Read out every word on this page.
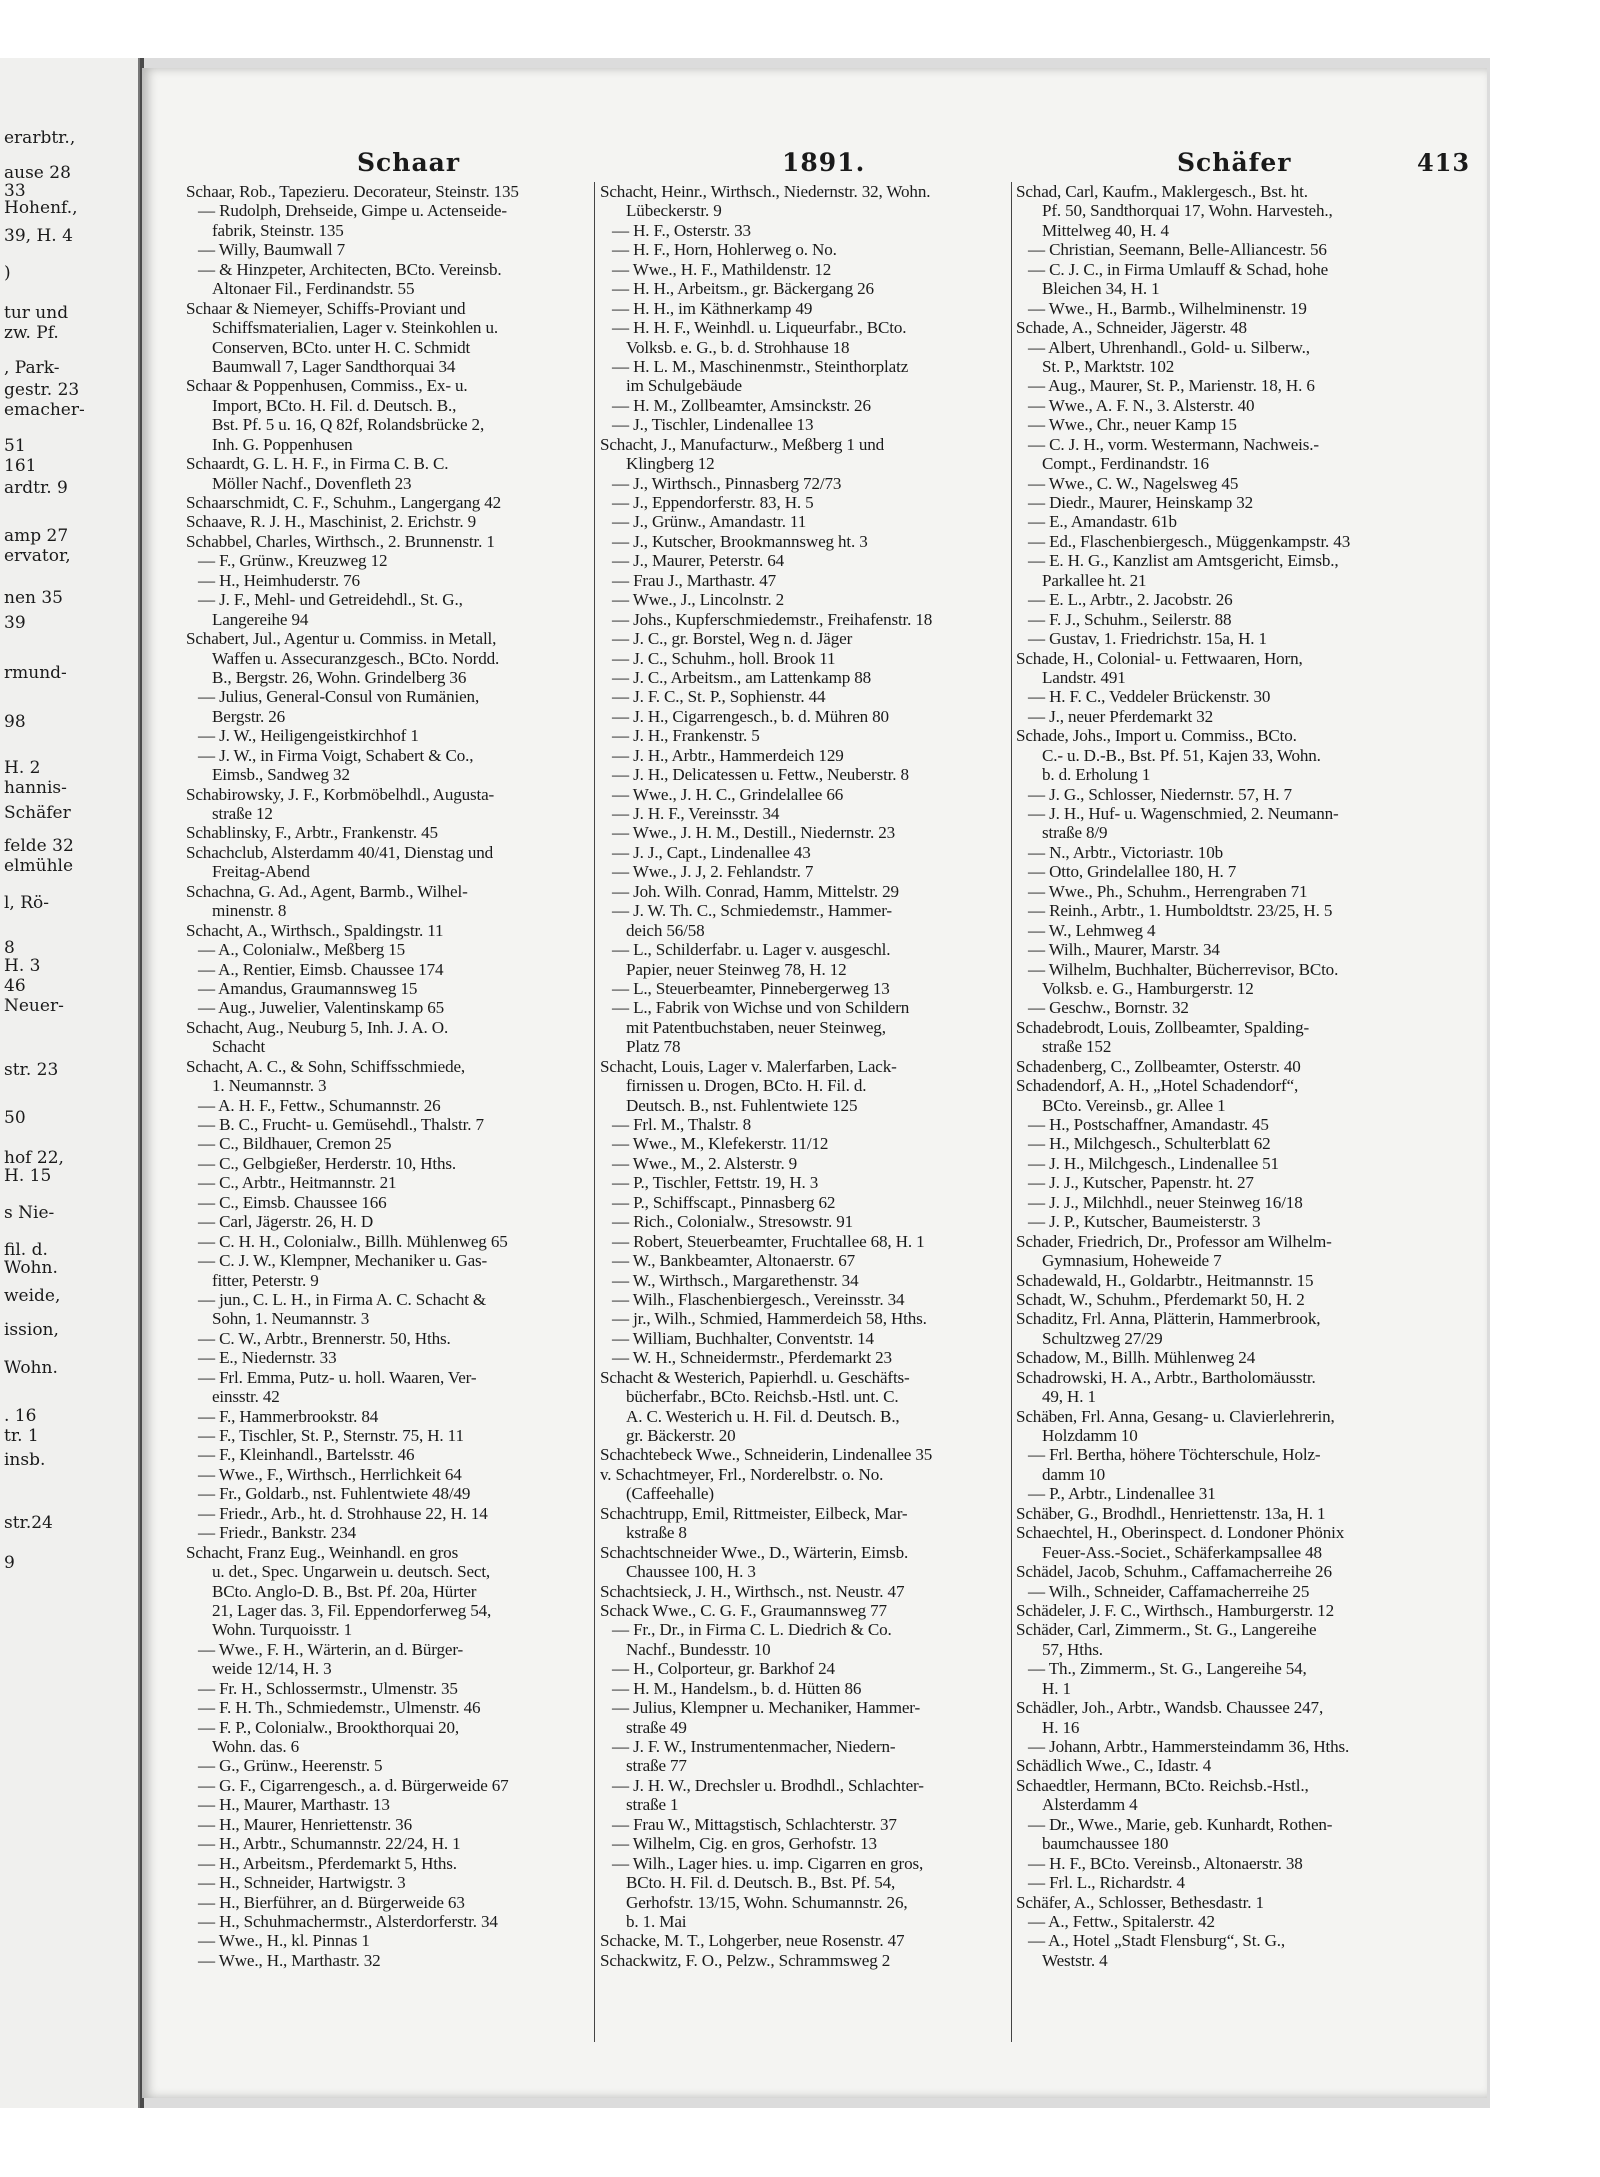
erarbtr.,
ause 28
33
Hohenf.,
39, H. 4
)
tur und
zw. Pf.
, Park-
gestr. 23
emacher-
51
161
ardtr. 9
amp 27
ervator,
nen 35
39
rmund-
98
H. 2
hannis-
Schäfer
felde 32
elmühle
l, Rö-
8
H. 3
46
Neuer-
str. 23
50
hof 22,
H. 15
s Nie-
fil. d.
Wohn.
weide,
ission,
Wohn.
. 16
tr. 1
insb.
str.24
9
Schaar	1891.	Schäfer	413
Schaar, Rob., Tapezieru. Decorateur, Steinstr. 135
— Rudolph, Drehseide, Gimpe u. Actenseide-
fabrik, Steinstr. 135
— Willy, Baumwall 7
— & Hinzpeter, Architecten, BCto. Vereinsb.
Altonaer Fil., Ferdinandstr. 55
Schaar & Niemeyer, Schiffs-Proviant und
Schiffsmaterialien, Lager v. Steinkohlen u.
Conserven, BCto. unter H. C. Schmidt
Baumwall 7, Lager Sandthorquai 34
Schaar & Poppenhusen, Commiss., Ex- u.
Import, BCto. H. Fil. d. Deutsch. B.,
Bst. Pf. 5 u. 16, Q 82f, Rolandsbrücke 2,
Inh. G. Poppenhusen
Schaardt, G. L. H. F., in Firma C. B. C.
Möller Nachf., Dovenfleth 23
Schaarschmidt, C. F., Schuhm., Langergang 42
Schaave, R. J. H., Maschinist, 2. Erichstr. 9
Schabbel, Charles, Wirthsch., 2. Brunnenstr. 1
— F., Grünw., Kreuzweg 12
— H., Heimhuderstr. 76
— J. F., Mehl- und Getreidehdl., St. G.,
Langereihe 94
Schabert, Jul., Agentur u. Commiss. in Metall,
Waffen u. Assecuranzgesch., BCto. Nordd.
B., Bergstr. 26, Wohn. Grindelberg 36
— Julius, General-Consul von Rumänien,
Bergstr. 26
— J. W., Heiligengeistkirchhof 1
— J. W., in Firma Voigt, Schabert & Co.,
Eimsb., Sandweg 32
Schabirowsky, J. F., Korbmöbelhdl., Augusta-
straße 12
Schablinsky, F., Arbtr., Frankenstr. 45
Schachclub, Alsterdamm 40/41, Dienstag und
Freitag-Abend
Schachna, G. Ad., Agent, Barmb., Wilhel-
minenstr. 8
Schacht, A., Wirthsch., Spaldingstr. 11
— A., Colonialw., Meßberg 15
— A., Rentier, Eimsb. Chaussee 174
— Amandus, Graumannsweg 15
— Aug., Juwelier, Valentinskamp 65
Schacht, Aug., Neuburg 5, Inh. J. A. O.
Schacht
Schacht, A. C., & Sohn, Schiffsschmiede,
1. Neumannstr. 3
— A. H. F., Fettw., Schumannstr. 26
— B. C., Frucht- u. Gemüsehdl., Thalstr. 7
— C., Bildhauer, Cremon 25
— C., Gelbgießer, Herderstr. 10, Hths.
— C., Arbtr., Heitmannstr. 21
— C., Eimsb. Chaussee 166
— Carl, Jägerstr. 26, H. D
— C. H. H., Colonialw., Billh. Mühlenweg 65
— C. J. W., Klempner, Mechaniker u. Gas-
fitter, Peterstr. 9
— jun., C. L. H., in Firma A. C. Schacht &
Sohn, 1. Neumannstr. 3
— C. W., Arbtr., Brennerstr. 50, Hths.
— E., Niedernstr. 33
— Frl. Emma, Putz- u. holl. Waaren, Ver-
einsstr. 42
— F., Hammerbrookstr. 84
— F., Tischler, St. P., Sternstr. 75, H. 11
— F., Kleinhandl., Bartelsstr. 46
— Wwe., F., Wirthsch., Herrlichkeit 64
— Fr., Goldarb., nst. Fuhlentwiete 48/49
— Friedr., Arb., ht. d. Strohhause 22, H. 14
— Friedr., Bankstr. 234
Schacht, Franz Eug., Weinhandl. en gros
u. det., Spec. Ungarwein u. deutsch. Sect,
BCto. Anglo-D. B., Bst. Pf. 20a, Hürter
21, Lager das. 3, Fil. Eppendorferweg 54,
Wohn. Turquoisstr. 1
— Wwe., F. H., Wärterin, an d. Bürger-
weide 12/14, H. 3
— Fr. H., Schlossermstr., Ulmenstr. 35
— F. H. Th., Schmiedemstr., Ulmenstr. 46
— F. P., Colonialw., Brookthorquai 20,
Wohn. das. 6
— G., Grünw., Heerenstr. 5
— G. F., Cigarrengesch., a. d. Bürgerweide 67
— H., Maurer, Marthastr. 13
— H., Maurer, Henriettenstr. 36
— H., Arbtr., Schumannstr. 22/24, H. 1
— H., Arbeitsm., Pferdemarkt 5, Hths.
— H., Schneider, Hartwigstr. 3
— H., Bierführer, an d. Bürgerweide 63
— H., Schuhmachermstr., Alsterdorferstr. 34
— Wwe., H., kl. Pinnas 1
— Wwe., H., Marthastr. 32
Schacht, Heinr., Wirthsch., Niedernstr. 32, Wohn.
Lübeckerstr. 9
— H. F., Osterstr. 33
— H. F., Horn, Hohlerweg o. No.
— Wwe., H. F., Mathildenstr. 12
— H. H., Arbeitsm., gr. Bäckergang 26
— H. H., im Käthnerkamp 49
— H. H. F., Weinhdl. u. Liqueurfabr., BCto.
Volksb. e. G., b. d. Strohhause 18
— H. L. M., Maschinenmstr., Steinthorplatz
im Schulgebäude
— H. M., Zollbeamter, Amsinckstr. 26
— J., Tischler, Lindenallee 13
Schacht, J., Manufacturw., Meßberg 1 und
Klingberg 12
— J., Wirthsch., Pinnasberg 72/73
— J., Eppendorferstr. 83, H. 5
— J., Grünw., Amandastr. 11
— J., Kutscher, Brookmannsweg ht. 3
— J., Maurer, Peterstr. 64
— Frau J., Marthastr. 47
— Wwe., J., Lincolnstr. 2
— Johs., Kupferschmiedemstr., Freihafenstr. 18
— J. C., gr. Borstel, Weg n. d. Jäger
— J. C., Schuhm., holl. Brook 11
— J. C., Arbeitsm., am Lattenkamp 88
— J. F. C., St. P., Sophienstr. 44
— J. H., Cigarrengesch., b. d. Mühren 80
— J. H., Frankenstr. 5
— J. H., Arbtr., Hammerdeich 129
— J. H., Delicatessen u. Fettw., Neuberstr. 8
— Wwe., J. H. C., Grindelallee 66
— J. H. F., Vereinsstr. 34
— Wwe., J. H. M., Destill., Niedernstr. 23
— J. J., Capt., Lindenallee 43
— Wwe., J. J, 2. Fehlandstr. 7
— Joh. Wilh. Conrad, Hamm, Mittelstr. 29
— J. W. Th. C., Schmiedemstr., Hammer-
deich 56/58
— L., Schilderfabr. u. Lager v. ausgeschl.
Papier, neuer Steinweg 78, H. 12
— L., Steuerbeamter, Pinnebergerweg 13
— L., Fabrik von Wichse und von Schildern
mit Patentbuchstaben, neuer Steinweg,
Platz 78
Schacht, Louis, Lager v. Malerfarben, Lack-
firnissen u. Drogen, BCto. H. Fil. d.
Deutsch. B., nst. Fuhlentwiete 125
— Frl. M., Thalstr. 8
— Wwe., M., Klefekerstr. 11/12
— Wwe., M., 2. Alsterstr. 9
— P., Tischler, Fettstr. 19, H. 3
— P., Schiffscapt., Pinnasberg 62
— Rich., Colonialw., Stresowstr. 91
— Robert, Steuerbeamter, Fruchtallee 68, H. 1
— W., Bankbeamter, Altonaerstr. 67
— W., Wirthsch., Margarethenstr. 34
— Wilh., Flaschenbiergesch., Vereinsstr. 34
— jr., Wilh., Schmied, Hammerdeich 58, Hths.
— William, Buchhalter, Conventstr. 14
— W. H., Schneidermstr., Pferdemarkt 23
Schacht & Westerich, Papierhdl. u. Geschäfts-
bücherfabr., BCto. Reichsb.-Hstl. unt. C.
A. C. Westerich u. H. Fil. d. Deutsch. B.,
gr. Bäckerstr. 20
Schachtebeck Wwe., Schneiderin, Lindenallee 35
v. Schachtmeyer, Frl., Norderelbstr. o. No.
(Caffeehalle)
Schachtrupp, Emil, Rittmeister, Eilbeck, Mar-
kstraße 8
Schachtschneider Wwe., D., Wärterin, Eimsb.
Chaussee 100, H. 3
Schachtsieck, J. H., Wirthsch., nst. Neustr. 47
Schack Wwe., C. G. F., Graumannsweg 77
— Fr., Dr., in Firma C. L. Diedrich & Co.
Nachf., Bundesstr. 10
— H., Colporteur, gr. Barkhof 24
— H. M., Handelsm., b. d. Hütten 86
— Julius, Klempner u. Mechaniker, Hammer-
straße 49
— J. F. W., Instrumentenmacher, Niedern-
straße 77
— J. H. W., Drechsler u. Brodhdl., Schlachter-
straße 1
— Frau W., Mittagstisch, Schlachterstr. 37
— Wilhelm, Cig. en gros, Gerhofstr. 13
— Wilh., Lager hies. u. imp. Cigarren en gros,
BCto. H. Fil. d. Deutsch. B., Bst. Pf. 54,
Gerhofstr. 13/15, Wohn. Schumannstr. 26,
b. 1. Mai
Schacke, M. T., Lohgerber, neue Rosenstr. 47
Schackwitz, F. O., Pelzw., Schrammsweg 2
Schad, Carl, Kaufm., Maklergesch., Bst. ht.
Pf. 50, Sandthorquai 17, Wohn. Harvesteh.,
Mittelweg 40, H. 4
— Christian, Seemann, Belle-Alliancestr. 56
— C. J. C., in Firma Umlauff & Schad, hohe
Bleichen 34, H. 1
— Wwe., H., Barmb., Wilhelminenstr. 19
Schade, A., Schneider, Jägerstr. 48
— Albert, Uhrenhandl., Gold- u. Silberw.,
St. P., Marktstr. 102
— Aug., Maurer, St. P., Marienstr. 18, H. 6
— Wwe., A. F. N., 3. Alsterstr. 40
— Wwe., Chr., neuer Kamp 15
— C. J. H., vorm. Westermann, Nachweis.-
Compt., Ferdinandstr. 16
— Wwe., C. W., Nagelsweg 45
— Diedr., Maurer, Heinskamp 32
— E., Amandastr. 61b
— Ed., Flaschenbiergesch., Müggenkampstr. 43
— E. H. G., Kanzlist am Amtsgericht, Eimsb.,
Parkallee ht. 21
— E. L., Arbtr., 2. Jacobstr. 26
— F. J., Schuhm., Seilerstr. 88
— Gustav, 1. Friedrichstr. 15a, H. 1
Schade, H., Colonial- u. Fettwaaren, Horn,
Landstr. 491
— H. F. C., Veddeler Brückenstr. 30
— J., neuer Pferdemarkt 32
Schade, Johs., Import u. Commiss., BCto.
C.- u. D.-B., Bst. Pf. 51, Kajen 33, Wohn.
b. d. Erholung 1
— J. G., Schlosser, Niedernstr. 57, H. 7
— J. H., Huf- u. Wagenschmied, 2. Neumann-
straße 8/9
— N., Arbtr., Victoriastr. 10b
— Otto, Grindelallee 180, H. 7
— Wwe., Ph., Schuhm., Herrengraben 71
— Reinh., Arbtr., 1. Humboldtstr. 23/25, H. 5
— W., Lehmweg 4
— Wilh., Maurer, Marstr. 34
— Wilhelm, Buchhalter, Bücherrevisor, BCto.
Volksb. e. G., Hamburgerstr. 12
— Geschw., Bornstr. 32
Schadebrodt, Louis, Zollbeamter, Spalding-
straße 152
Schadenberg, C., Zollbeamter, Osterstr. 40
Schadendorf, A. H., „Hotel Schadendorf“,
BCto. Vereinsb., gr. Allee 1
— H., Postschaffner, Amandastr. 45
— H., Milchgesch., Schulterblatt 62
— J. H., Milchgesch., Lindenallee 51
— J. J., Kutscher, Papenstr. ht. 27
— J. J., Milchhdl., neuer Steinweg 16/18
— J. P., Kutscher, Baumeisterstr. 3
Schader, Friedrich, Dr., Professor am Wilhelm-
Gymnasium, Hoheweide 7
Schadewald, H., Goldarbtr., Heitmannstr. 15
Schadt, W., Schuhm., Pferdemarkt 50, H. 2
Schaditz, Frl. Anna, Plätterin, Hammerbrook,
Schultzweg 27/29
Schadow, M., Billh. Mühlenweg 24
Schadrowski, H. A., Arbtr., Bartholomäusstr.
49, H. 1
Schäben, Frl. Anna, Gesang- u. Clavierlehrerin,
Holzdamm 10
— Frl. Bertha, höhere Töchterschule, Holz-
damm 10
— P., Arbtr., Lindenallee 31
Schäber, G., Brodhdl., Henriettenstr. 13a, H. 1
Schaechtel, H., Oberinspect. d. Londoner Phönix
Feuer-Ass.-Societ., Schäferkampsallee 48
Schädel, Jacob, Schuhm., Caffamacherreihe 26
— Wilh., Schneider, Caffamacherreihe 25
Schädeler, J. F. C., Wirthsch., Hamburgerstr. 12
Schäder, Carl, Zimmerm., St. G., Langereihe
57, Hths.
— Th., Zimmerm., St. G., Langereihe 54,
H. 1
Schädler, Joh., Arbtr., Wandsb. Chaussee 247,
H. 16
— Johann, Arbtr., Hammersteindamm 36, Hths.
Schädlich Wwe., C., Idastr. 4
Schaedtler, Hermann, BCto. Reichsb.-Hstl.,
Alsterdamm 4
— Dr., Wwe., Marie, geb. Kunhardt, Rothen-
baumchaussee 180
— H. F., BCto. Vereinsb., Altonaerstr. 38
— Frl. L., Richardstr. 4
Schäfer, A., Schlosser, Bethesdastr. 1
— A., Fettw., Spitalerstr. 42
— A., Hotel „Stadt Flensburg“, St. G.,
Weststr. 4
